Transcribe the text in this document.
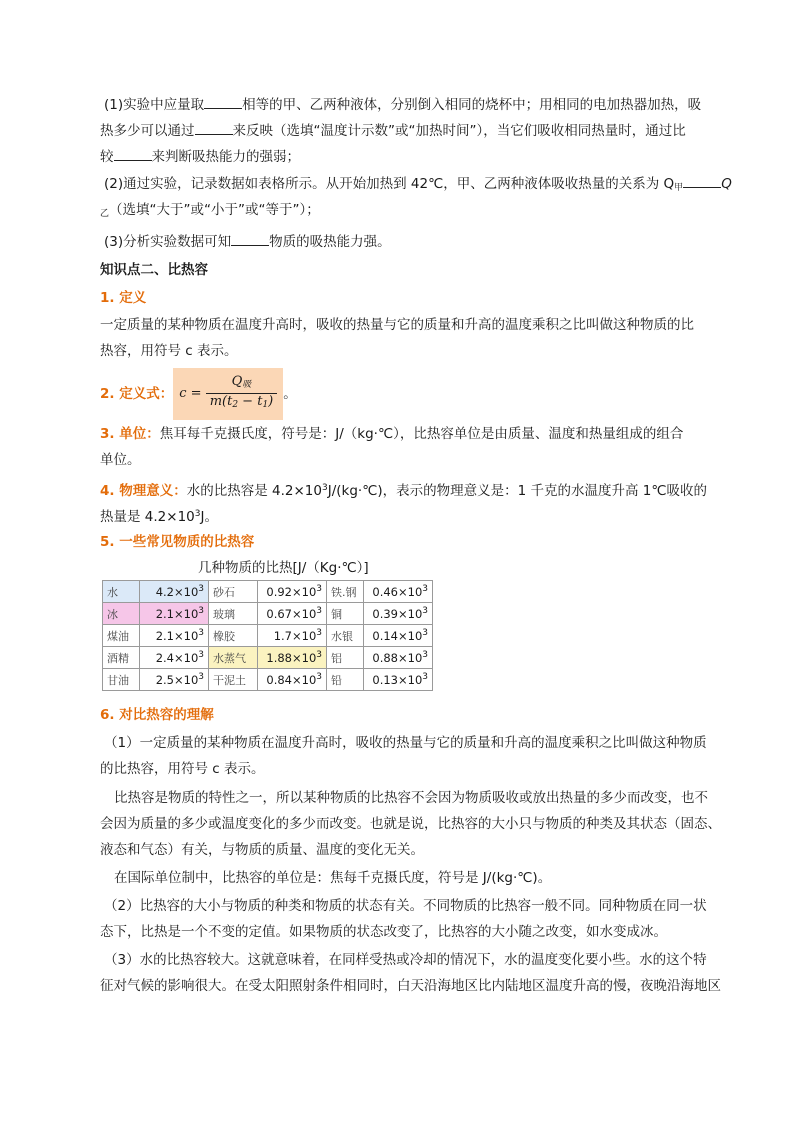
(1)实验中应量取	相等的甲、乙两种液体，分别倒入相同的烧杯中；用相同的电加热器加热，吸
热多少可以通过	来反映（选填“温度计示数”或“加热时间”），当它们吸收相同热量时，通过比
较	来判断吸热能力的强弱；
(2)通过实验，记录数据如表格所示。从开始加热到 42℃，甲、乙两种液体吸收热量的关系为 $Q_甲$	Q
$_乙$（选填“大于”或“小于”或“等于”）；
(3)分析实验数据可知	物质的吸热能力强。
知识点二、比热容
1. 定义
一定质量的某种物质在温度升高时，吸收的热量与它的质量和升高的温度乘积之比叫做这种物质的比
热容，用符号 c 表示。
2. 定义式： $c = \frac{Q_吸}{m(t_2 - t_1)}$ 。
3. 单位：焦耳每千克摄氏度，符号是：J/（kg·℃），比热容单位是由质量、温度和热量组成的组合
单位。
4. 物理意义：水的比热容是 $4.2\times 10^3J/(kg\cdot℃)$，表示的物理意义是：1 千克的水温度升高 1℃吸收的
热量是 $4.2\times 10^3J$。
5. 一些常见物质的比热容
几种物质的比热[J/（Kg·℃）]
水	$4.2\times 10^3$	砂石	$0.92\times 10^3$	铁.钢	$0.46\times 10^3$
冰	$2.1\times 10^3$	玻璃	$0.67\times 10^3$	铜	$0.39\times 10^3$
煤油	$2.1\times 10^3$	橡胶	$1.7\times 10^3$	水银	$0.14\times 10^3$
酒精	$2.4\times 10^3$	水蒸气	$1.88\times 10^3$	铝	$0.88\times 10^3$
甘油	$2.5\times 10^3$	干泥土	$0.84\times 10^3$	铅	$0.13\times 10^3$
6. 对比热容的理解
（1）一定质量的某种物质在温度升高时，吸收的热量与它的质量和升高的温度乘积之比叫做这种物质
的比热容，用符号 c 表示。
比热容是物质的特性之一，所以某种物质的比热容不会因为物质吸收或放出热量的多少而改变，也不
会因为质量的多少或温度变化的多少而改变。也就是说，比热容的大小只与物质的种类及其状态（固态、
液态和气态）有关，与物质的质量、温度的变化无关。
在国际单位制中，比热容的单位是：焦每千克摄氏度，符号是 J/(kg·℃)。
（2）比热容的大小与物质的种类和物质的状态有关。不同物质的比热容一般不同。同种物质在同一状
态下，比热是一个不变的定值。如果物质的状态改变了，比热容的大小随之改变，如水变成冰。
（3）水的比热容较大。这就意味着，在同样受热或冷却的情况下，水的温度变化要小些。水的这个特
征对气候的影响很大。在受太阳照射条件相同时，白天沿海地区比内陆地区温度升高的慢，夜晚沿海地区
